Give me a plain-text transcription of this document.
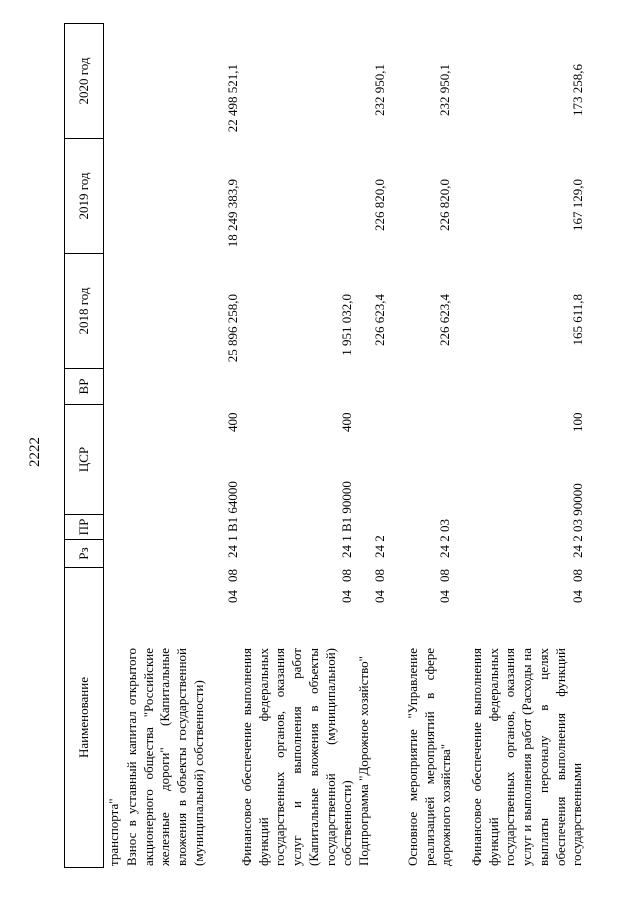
2222
Наименование
Рз
ПР
ЦСР
ВР
2018 год
2019 год
2020 год
транспорта" Взнос в уставный капитал открытого акционерного общества "Российские железные дороги" (Капитальные вложения в объекты государственной (муниципальной) собственности)
04
08
24 1 В1 64000
400
25 896 258,0
18 249 383,9
22 498 521,1
Финансовое обеспечение выполнения функций федеральных государственных органов, оказания услуг и выполнения работ (Капитальные вложения в объекты государственной (муниципальной) собственности)
04
08
24 1 В1 90000
400
1 951 032,0
Подпрограмма "Дорожное хозяйство"
04
08
24 2
226 623,4
226 820,0
232 950,1
Основное мероприятие "Управление реализацией мероприятий в сфере дорожного хозяйства"
04
08
24 2 03
226 623,4
226 820,0
232 950,1
Финансовое обеспечение выполнения функций федеральных государственных органов, оказания услуг и выполнения работ (Расходы на выплаты персоналу в целях обеспечения выполнения функций государственными
04
08
24 2 03 90000
100
165 611,8
167 129,0
173 258,6
